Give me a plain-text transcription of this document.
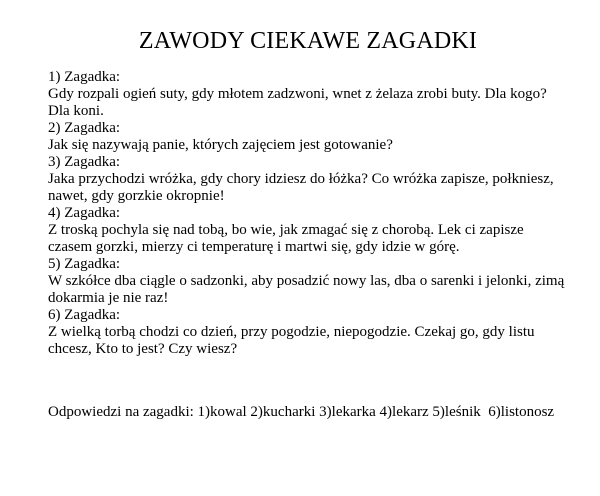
ZAWODY CIEKAWE ZAGADKI
1) Zagadka:
Gdy rozpali ogień suty, gdy młotem zadzwoni, wnet z żelaza zrobi buty. Dla kogo? Dla koni.
2) Zagadka:
Jak się nazywają panie, których zajęciem jest gotowanie?
3) Zagadka:
Jaka przychodzi wróżka, gdy chory idziesz do łóżka? Co wróżka zapisze, połkniesz, nawet, gdy gorzkie okropnie!
4) Zagadka:
Z troską pochyla się nad tobą, bo wie, jak zmagać się z chorobą. Lek ci zapisze czasem gorzki, mierzy ci temperaturę i martwi się, gdy idzie w górę.
5) Zagadka:
W szkółce dba ciągle o sadzonki, aby posadzić nowy las, dba o sarenki i jelonki, zimą dokarmia je nie raz!
6) Zagadka:
Z wielką torbą chodzi co dzień, przy pogodzie, niepogodzie. Czekaj go, gdy listu chcesz, Kto to jest? Czy wiesz?

Odpowiedzi na zagadki: 1)kowal 2)kucharki 3)lekarka 4)lekarz 5)leśnik  6)listonosz
